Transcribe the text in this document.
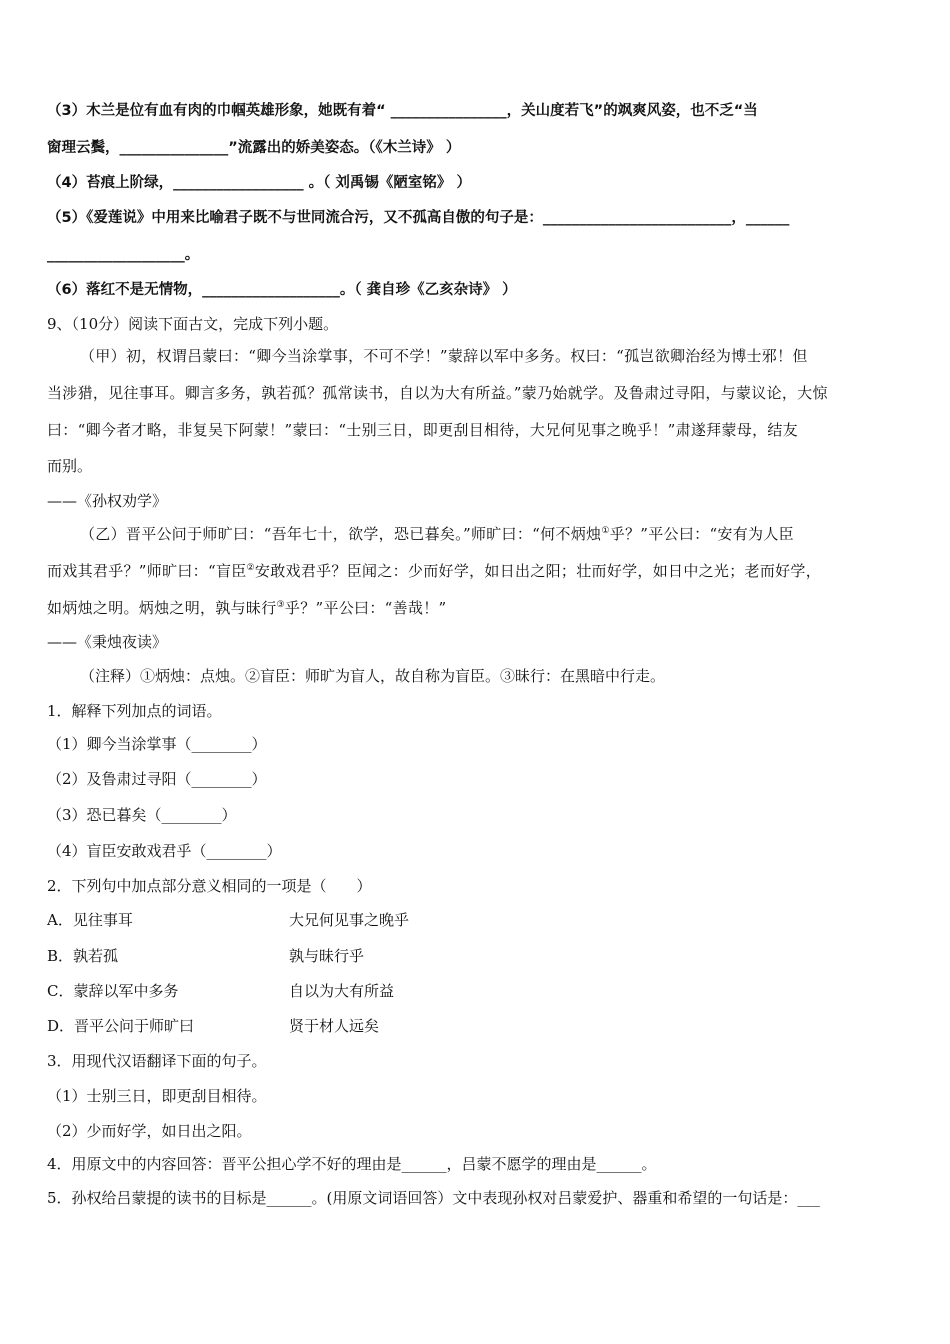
（3）木兰是位有血有肉的巾帼英雄形象，她既有着“ ________________，关山度若飞”的飒爽风姿，也不乏“当
窗理云鬓，_______________”流露出的娇美姿态。（《木兰诗》 ）
（4）苔痕上阶绿，__________________ 。（ 刘禹锡《陋室铭》 ）
（5）《爱莲说》中用来比喻君子既不与世同流合污，又不孤高自傲的句子是：__________________________，______
___________________。
（6）落红不是无情物，___________________。（ 龚自珍《乙亥杂诗》 ）
9、（10分）阅读下面古文，完成下列小题。
（甲）初，权谓吕蒙曰：“卿今当涂掌事，不可不学！”蒙辞以军中多务。权曰：“孤岂欲卿治经为博士邪！但
当涉猎，见往事耳。卿言多务，孰若孤？孤常读书，自以为大有所益。”蒙乃始就学。及鲁肃过寻阳，与蒙议论，大惊
曰：“卿今者才略，非复吴下阿蒙！”蒙曰：“士别三日，即更刮目相待，大兄何见事之晚乎！”肃遂拜蒙母，结友
而别。
——《孙权劝学》
（乙）晋平公问于师旷曰：“吾年七十，欲学，恐已暮矣。”师旷曰：“何不炳烛①乎？”平公曰：“安有为人臣
而戏其君乎？”师旷曰：“盲臣②安敢戏君乎？臣闻之：少而好学，如日出之阳；壮而好学，如日中之光；老而好学，
如炳烛之明。炳烛之明，孰与昧行③乎？”平公曰：“善哉！”
——《秉烛夜读》
（注释）①炳烛：点烛。②盲臣：师旷为盲人，故自称为盲臣。③昧行：在黑暗中行走。
1．解释下列加点的词语。
（1）卿今当涂掌事（________）
（2）及鲁肃过寻阳（________）
（3）恐已暮矣（________）
（4）盲臣安敢戏君乎（________）
2．下列句中加点部分意义相同的一项是（　　）
A．见往事耳	大兄何见事之晚乎
B．孰若孤	孰与昧行乎
C．蒙辞以军中多务	自以为大有所益
D．晋平公问于师旷曰	贤于材人远矣
3．用现代汉语翻译下面的句子。
（1）士别三日，即更刮目相待。
（2）少而好学，如日出之阳。
4．用原文中的内容回答：晋平公担心学不好的理由是______，吕蒙不愿学的理由是______。
5．孙权给吕蒙提的读书的目标是______。(用原文词语回答）文中表现孙权对吕蒙爱护、器重和希望的一句话是：___
